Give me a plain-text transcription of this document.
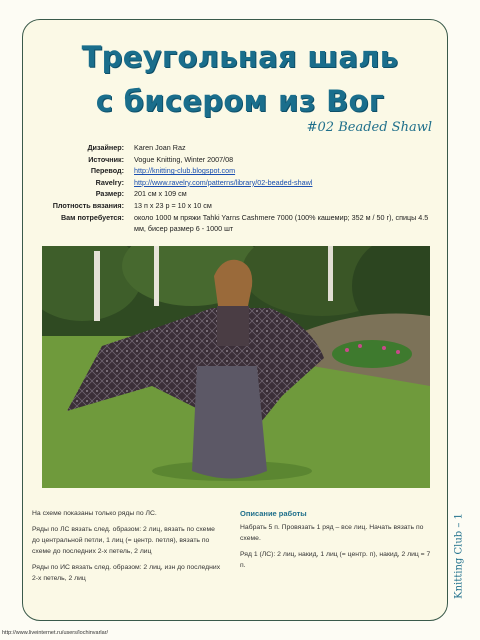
Треугольная шаль
с бисером из Вог
#02 Beaded Shawl
Дизайнер:	Karen Joan Raz
Источник:	Vogue Knitting, Winter 2007/08
Перевод:	http://knitting-club.blogspot.com
Ravelry:	http://www.ravelry.com/patterns/library/02-beaded-shawl
Размер:	201 см x 109 см
Плотность вязания:	13 п x 23 р = 10 x 10 см
Вам потребуется:	около 1000 м пряжи Tahki Yarns Cashmere 7000 (100% кашемир; 352 м / 50 г), спицы 4.5 мм, бисер размер 6 - 1000 шт

На схеме показаны только ряды по ЛС.

Ряды по ЛС вязать след. образом: 2 лиц, вязать по схеме до центральной петли, 1 лиц (= центр. петля), вязать по схеме до последних 2-х петель, 2 лиц

Ряды по ИС вязать след. образом: 2 лиц, изн до последних 2-х петель, 2 лиц

Описание работы

Набрать 5 п. Провязать 1 ряд – все лиц. Начать вязать по схеме.

Ряд 1 (ЛС): 2 лиц, накид, 1 лиц (= центр. п), накид, 2 лиц = 7 п.	Knitting Club – 1
http://www.liveinternet.ru/users/lochinvarlar/
